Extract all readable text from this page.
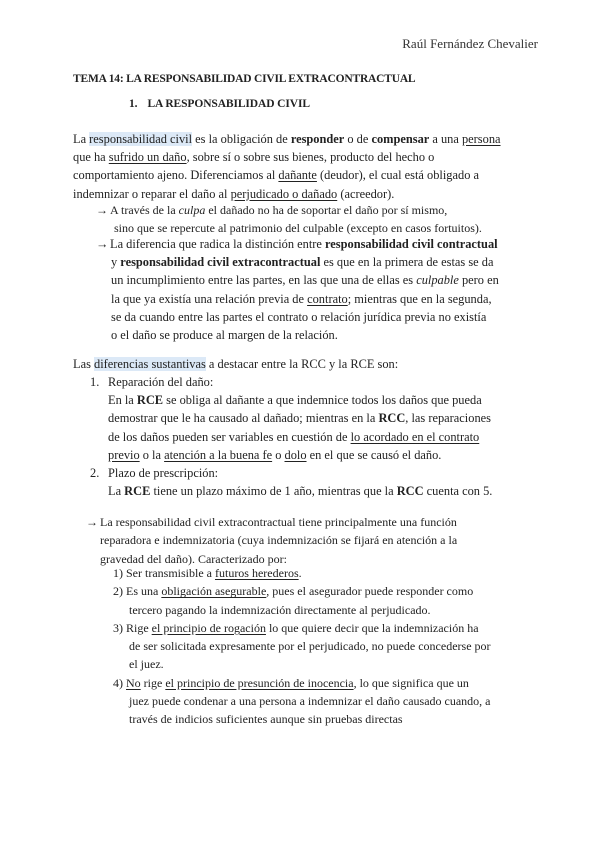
Raúl Fernández Chevalier
TEMA 14: LA RESPONSABILIDAD CIVIL EXTRACONTRACTUAL
1. LA RESPONSABILIDAD CIVIL
La responsabilidad civil es la obligación de responder o de compensar a una persona
que ha sufrido un daño, sobre sí o sobre sus bienes, producto del hecho o
comportamiento ajeno. Diferenciamos al dañante (deudor), el cual está obligado a
indemnizar o reparar el daño al perjudicado o dañado (acreedor).
→ A través de la culpa el dañado no ha de soportar el daño por sí mismo,
sino que se repercute al patrimonio del culpable (excepto en casos fortuitos).
→ La diferencia que radica la distinción entre responsabilidad civil contractual
y responsabilidad civil extracontractual es que en la primera de estas se da
un incumplimiento entre las partes, en las que una de ellas es culpable pero en
la que ya existía una relación previa de contrato; mientras que en la segunda,
se da cuando entre las partes el contrato o relación jurídica previa no existía
o el daño se produce al margen de la relación.
Las diferencias sustantivas a destacar entre la RCC y la RCE son:
1. Reparación del daño:
En la RCE se obliga al dañante a que indemnice todos los daños que pueda
demostrar que le ha causado al dañado; mientras en la RCC, las reparaciones
de los daños pueden ser variables en cuestión de lo acordado en el contrato
previo o la atención a la buena fe o dolo en el que se causó el daño.
2. Plazo de prescripción:
La RCE tiene un plazo máximo de 1 año, mientras que la RCC cuenta con 5.
→ La responsabilidad civil extracontractual tiene principalmente una función
reparadora e indemnizatoria (cuya indemnización se fijará en atención a la
gravedad del daño). Caracterizado por:
1) Ser transmisible a futuros herederos.
2) Es una obligación asegurable, pues el asegurador puede responder como
tercero pagando la indemnización directamente al perjudicado.
3) Rige el principio de rogación lo que quiere decir que la indemnización ha
de ser solicitada expresamente por el perjudicado, no puede concederse por
el juez.
4) No rige el principio de presunción de inocencia, lo que significa que un
juez puede condenar a una persona a indemnizar el daño causado cuando, a
través de indicios suficientes aunque sin pruebas directas
